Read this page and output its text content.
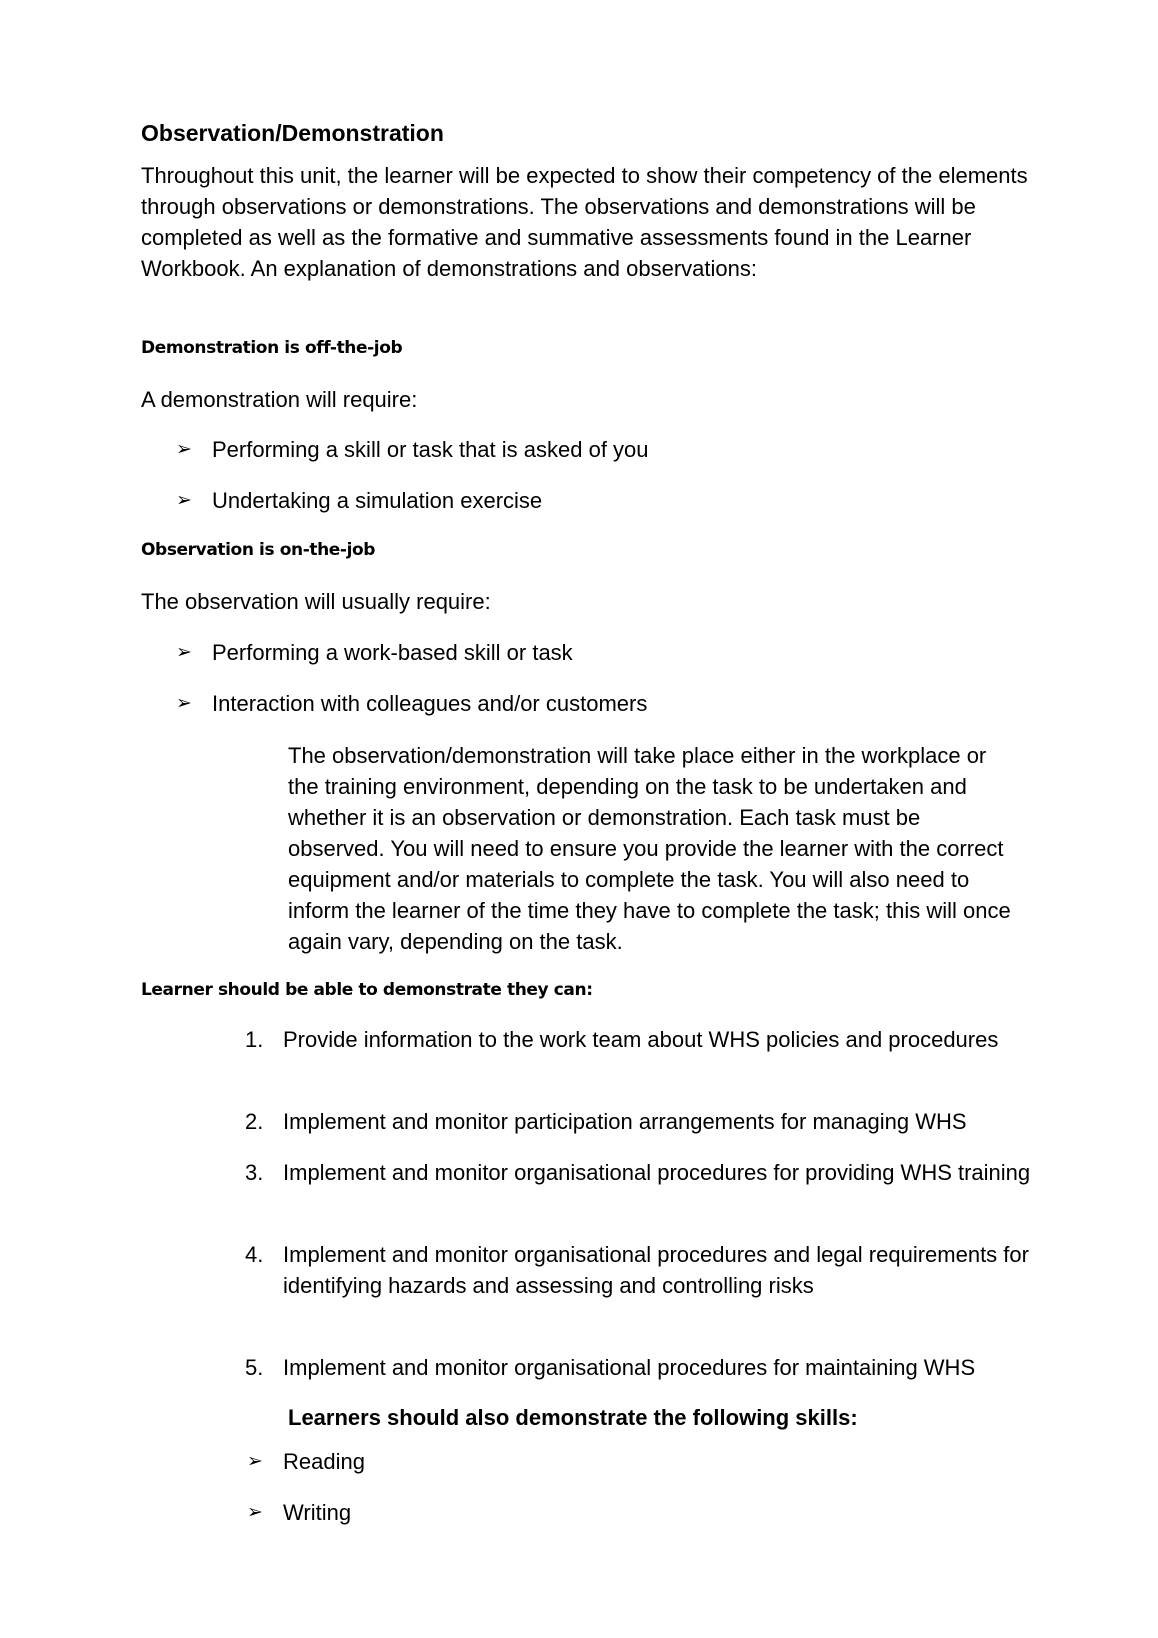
Observation/Demonstration

Throughout this unit, the learner will be expected to show their competency of the elements through observations or demonstrations. The observations and demonstrations will be completed as well as the formative and summative assessments found in the Learner Workbook. An explanation of demonstrations and observations:

Demonstration is off-the-job

A demonstration will require:

➢ Performing a skill or task that is asked of you
➢ Undertaking a simulation exercise

Observation is on-the-job

The observation will usually require:

➢ Performing a work-based skill or task
➢ Interaction with colleagues and/or customers

The observation/demonstration will take place either in the workplace or the training environment, depending on the task to be undertaken and whether it is an observation or demonstration. Each task must be observed. You will need to ensure you provide the learner with the correct equipment and/or materials to complete the task. You will also need to inform the learner of the time they have to complete the task; this will once again vary, depending on the task.

Learner should be able to demonstrate they can:

1. Provide information to the work team about WHS policies and procedures
2. Implement and monitor participation arrangements for managing WHS
3. Implement and monitor organisational procedures for providing WHS training
4. Implement and monitor organisational procedures and legal requirements for identifying hazards and assessing and controlling risks
5. Implement and monitor organisational procedures for maintaining WHS

Learners should also demonstrate the following skills:

➢ Reading
➢ Writing
